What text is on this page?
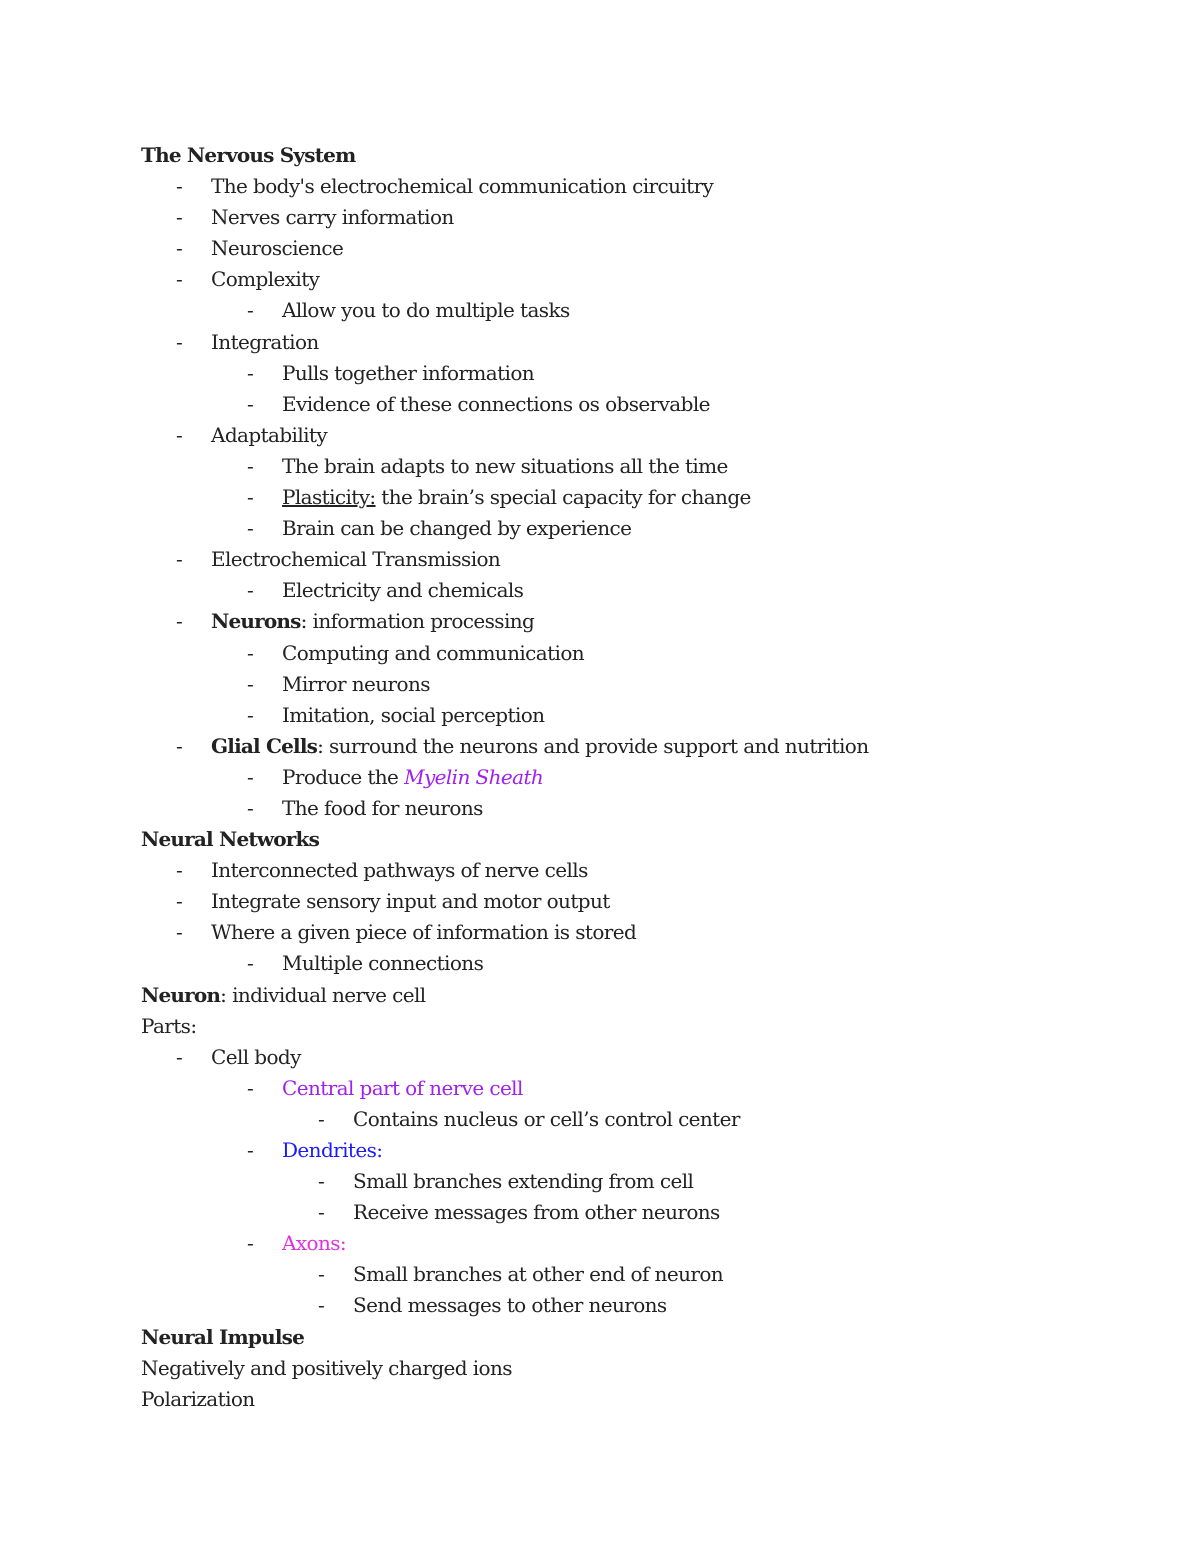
The Nervous System
- The body's electrochemical communication circuitry
- Nerves carry information
- Neuroscience
- Complexity
- Allow you to do multiple tasks
- Integration
- Pulls together information
- Evidence of these connections os observable
- Adaptability
- The brain adapts to new situations all the time
- Plasticity: the brain’s special capacity for change
- Brain can be changed by experience
- Electrochemical Transmission
- Electricity and chemicals
- Neurons: information processing
- Computing and communication
- Mirror neurons
- Imitation, social perception
- Glial Cells: surround the neurons and provide support and nutrition
- Produce the Myelin Sheath
- The food for neurons
Neural Networks
- Interconnected pathways of nerve cells
- Integrate sensory input and motor output
- Where a given piece of information is stored
- Multiple connections
Neuron: individual nerve cell
Parts:
- Cell body
- Central part of nerve cell
- Contains nucleus or cell’s control center
- Dendrites:
- Small branches extending from cell
- Receive messages from other neurons
- Axons:
- Small branches at other end of neuron
- Send messages to other neurons
Neural Impulse
Negatively and positively charged ions
Polarization
